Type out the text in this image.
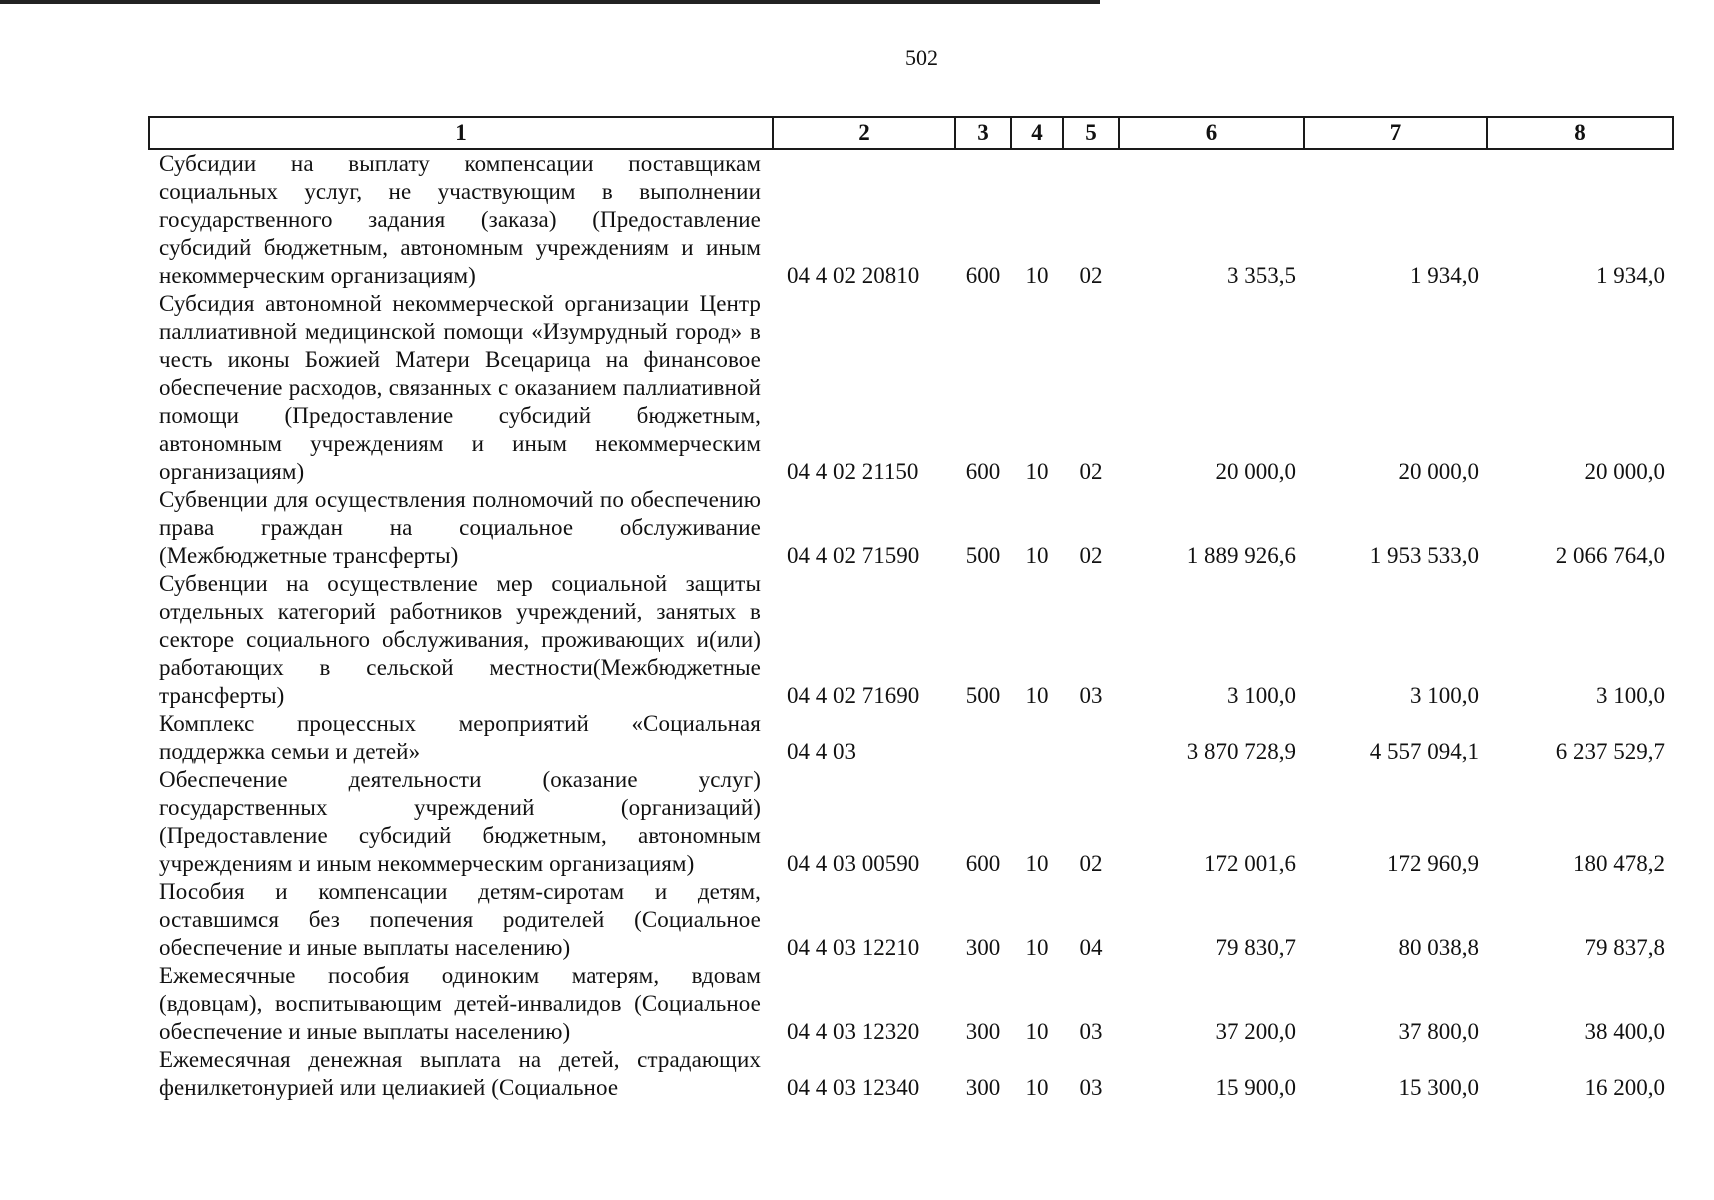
502
1	2	3	4	5	6	7	8
Субсидии на выплату компенсации поставщикам социальных услуг, не участвующим в выполнении государственного задания (заказа) (Предоставление субсидий бюджетным, автономным учреждениям и иным некоммерческим организациям)	04 4 02 20810	600	10	02	3 353,5	1 934,0	1 934,0
Субсидия автономной некоммерческой организации Центр паллиативной медицинской помощи «Изумрудный город» в честь иконы Божией Матери Всецарица на финансовое обеспечение расходов, связанных с оказанием паллиативной помощи (Предоставление субсидий бюджетным, автономным учреждениям и иным некоммерческим организациям)	04 4 02 21150	600	10	02	20 000,0	20 000,0	20 000,0
Субвенции для осуществления полномочий по обеспечению права граждан на социальное обслуживание (Межбюджетные трансферты)	04 4 02 71590	500	10	02	1 889 926,6	1 953 533,0	2 066 764,0
Субвенции на осуществление мер социальной защиты отдельных категорий работников учреждений, занятых в секторе социального обслуживания, проживающих и(или) работающих в сельской местности(Межбюджетные трансферты)	04 4 02 71690	500	10	03	3 100,0	3 100,0	3 100,0
Комплекс процессных мероприятий «Социальная поддержка семьи и детей»	04 4 03				3 870 728,9	4 557 094,1	6 237 529,7
Обеспечение деятельности (оказание услуг) государственных учреждений (организаций) (Предоставление субсидий бюджетным, автономным учреждениям и иным некоммерческим организациям)	04 4 03 00590	600	10	02	172 001,6	172 960,9	180 478,2
Пособия и компенсации детям-сиротам и детям, оставшимся без попечения родителей (Социальное обеспечение и иные выплаты населению)	04 4 03 12210	300	10	04	79 830,7	80 038,8	79 837,8
Ежемесячные пособия одиноким матерям, вдовам (вдовцам), воспитывающим детей-инвалидов (Социальное обеспечение и иные выплаты населению)	04 4 03 12320	300	10	03	37 200,0	37 800,0	38 400,0
Ежемесячная денежная выплата на детей, страдающих фенилкетонурией или целиакией (Социальное	04 4 03 12340	300	10	03	15 900,0	15 300,0	16 200,0
